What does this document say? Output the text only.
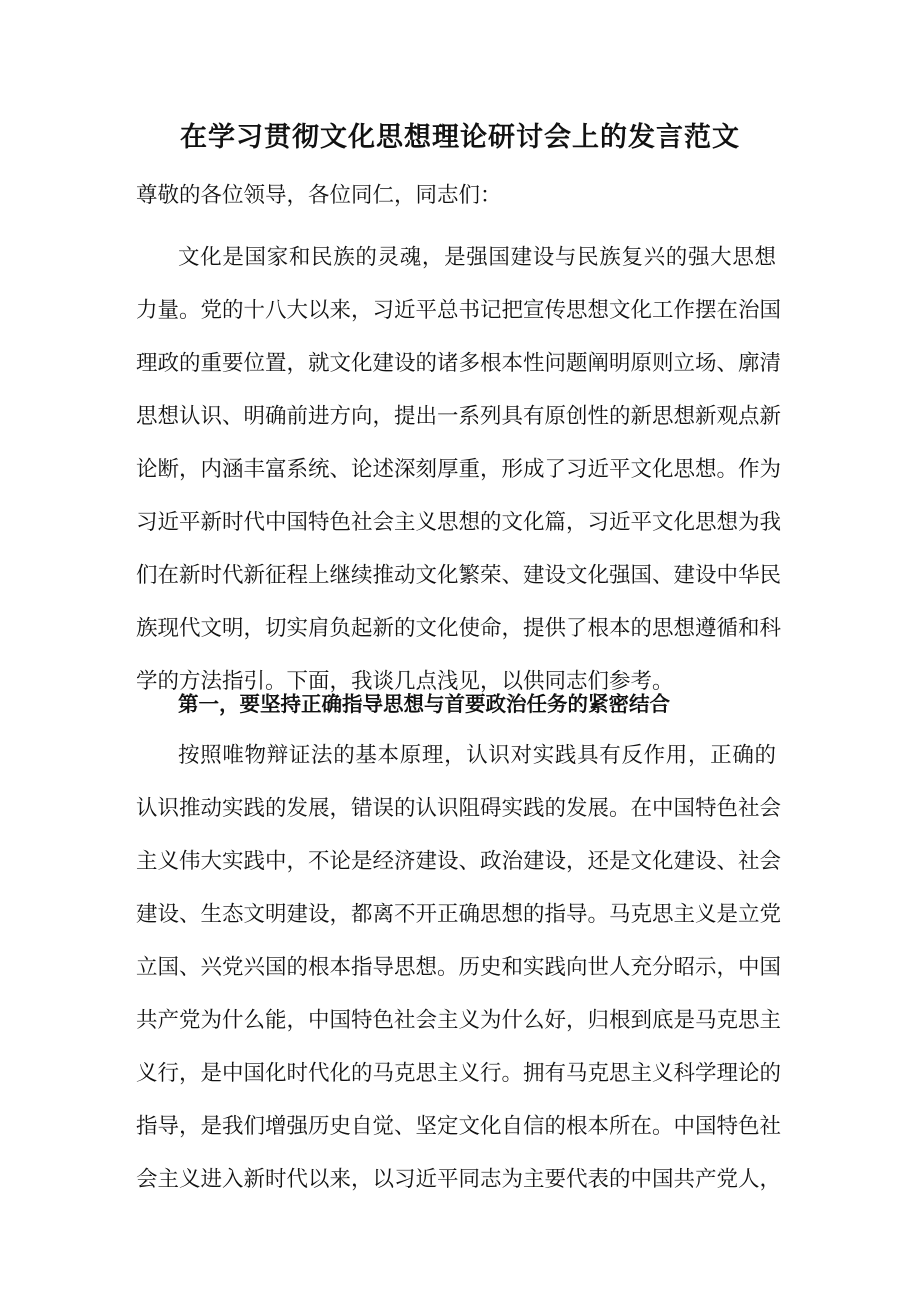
在学习贯彻文化思想理论研讨会上的发言范文
尊敬的各位领导，各位同仁，同志们：
文化是国家和民族的灵魂，是强国建设与民族复兴的强大思想
力量。党的十八大以来，习近平总书记把宣传思想文化工作摆在治国
理政的重要位置，就文化建设的诸多根本性问题阐明原则立场、廓清
思想认识、明确前进方向，提出一系列具有原创性的新思想新观点新
论断，内涵丰富系统、论述深刻厚重，形成了习近平文化思想。作为
习近平新时代中国特色社会主义思想的文化篇，习近平文化思想为我
们在新时代新征程上继续推动文化繁荣、建设文化强国、建设中华民
族现代文明，切实肩负起新的文化使命，提供了根本的思想遵循和科
学的方法指引。下面，我谈几点浅见，以供同志们参考。
第一，要坚持正确指导思想与首要政治任务的紧密结合
按照唯物辩证法的基本原理，认识对实践具有反作用，正确的
认识推动实践的发展，错误的认识阻碍实践的发展。在中国特色社会
主义伟大实践中，不论是经济建设、政治建设，还是文化建设、社会
建设、生态文明建设，都离不开正确思想的指导。马克思主义是立党
立国、兴党兴国的根本指导思想。历史和实践向世人充分昭示，中国
共产党为什么能，中国特色社会主义为什么好，归根到底是马克思主
义行，是中国化时代化的马克思主义行。拥有马克思主义科学理论的
指导，是我们增强历史自觉、坚定文化自信的根本所在。中国特色社
会主义进入新时代以来，以习近平同志为主要代表的中国共产党人，
